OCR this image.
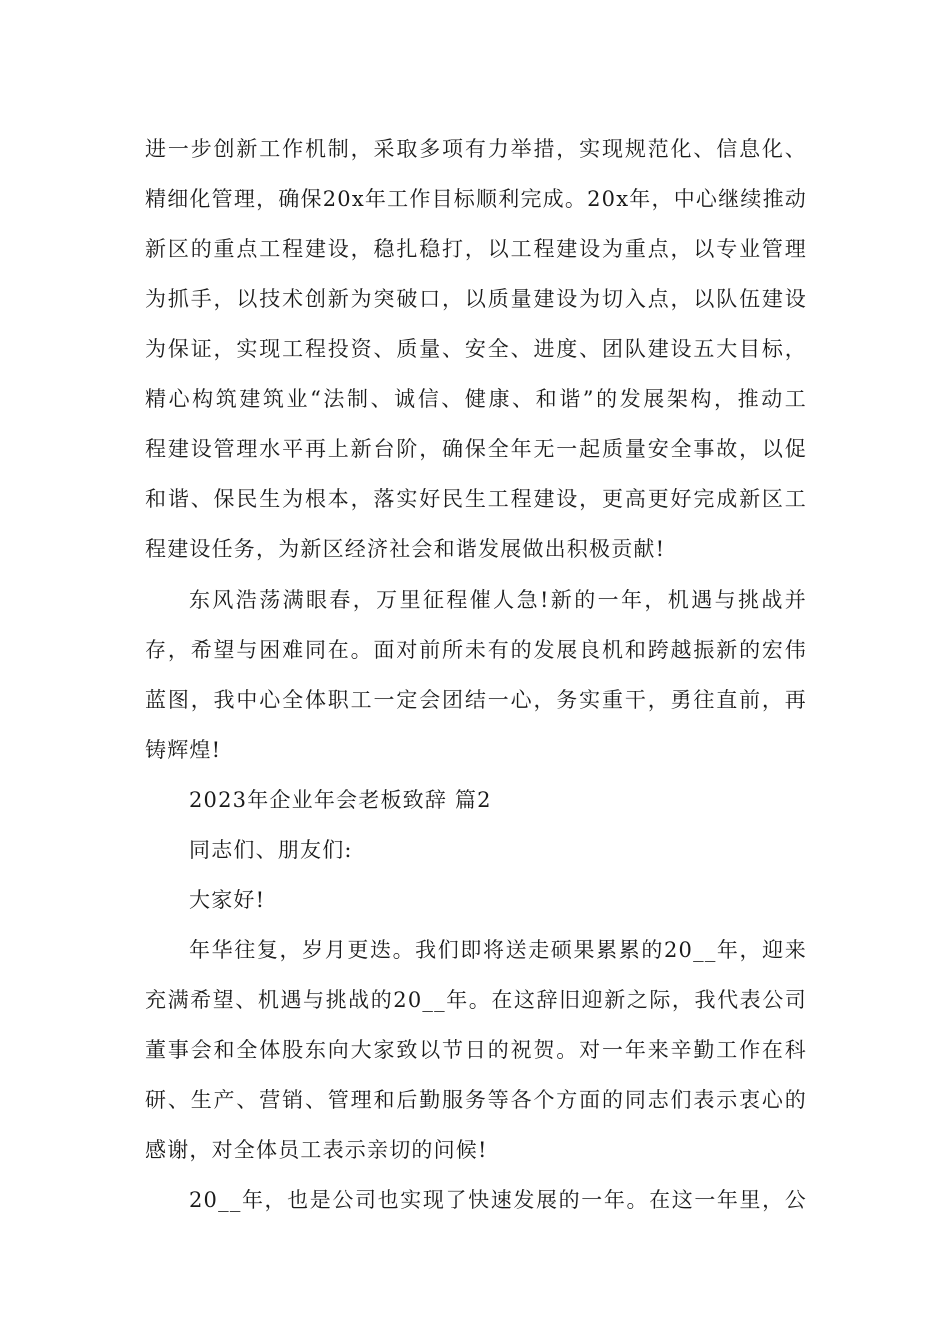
进一步创新工作机制，采取多项有力举措，实现规范化、信息化、
精细化管理，确保20x年工作目标顺利完成。20x年，中心继续推动
新区的重点工程建设，稳扎稳打，以工程建设为重点，以专业管理
为抓手，以技术创新为突破口，以质量建设为切入点，以队伍建设
为保证，实现工程投资、质量、安全、进度、团队建设五大目标，
精心构筑建筑业“法制、诚信、健康、和谐”的发展架构，推动工
程建设管理水平再上新台阶，确保全年无一起质量安全事故，以促
和谐、保民生为根本，落实好民生工程建设，更高更好完成新区工
程建设任务，为新区经济社会和谐发展做出积极贡献!
东风浩荡满眼春，万里征程催人急!新的一年，机遇与挑战并
存，希望与困难同在。面对前所未有的发展良机和跨越振新的宏伟
蓝图，我中心全体职工一定会团结一心，务实重干，勇往直前，再
铸辉煌!
2023年企业年会老板致辞 篇2
同志们、朋友们:
大家好!
年华往复，岁月更迭。我们即将送走硕果累累的20__年，迎来
充满希望、机遇与挑战的20__年。在这辞旧迎新之际，我代表公司
董事会和全体股东向大家致以节日的祝贺。对一年来辛勤工作在科
研、生产、营销、管理和后勤服务等各个方面的同志们表示衷心的
感谢，对全体员工表示亲切的问候!
20__年，也是公司也实现了快速发展的一年。在这一年里，公
